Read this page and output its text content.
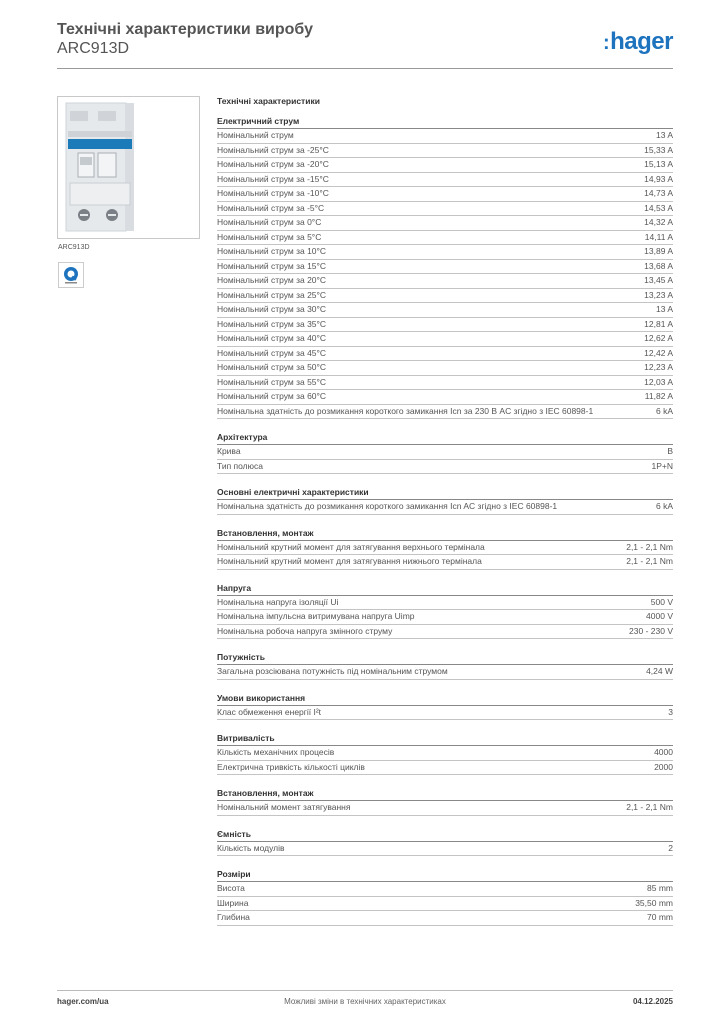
Технічні характеристики виробу

ARC913D	:hager
ARC913D
Технічні характеристики
Електричний струм
Номінальний струм	13 A
Номінальний струм за -25°C	15,33 A
Номінальний струм за -20°C	15,13 A
Номінальний струм за -15°C	14,93 A
Номінальний струм за -10°C	14,73 A
Номінальний струм за -5°C	14,53 A
Номінальний струм за 0°C	14,32 A
Номінальний струм за 5°C	14,11 A
Номінальний струм за 10°C	13,89 A
Номінальний струм за 15°C	13,68 A
Номінальний струм за 20°C	13,45 A
Номінальний струм за 25°C	13,23 A
Номінальний струм за 30°C	13 A
Номінальний струм за 35°C	12,81 A
Номінальний струм за 40°C	12,62 A
Номінальний струм за 45°C	12,42 A
Номінальний струм за 50°C	12,23 A
Номінальний струм за 55°C	12,03 A
Номінальний струм за 60°C	11,82 A
Номінальна здатність до розмикання короткого замикання Icn за 230 В AC згідно з IEC 60898-1	6 kA
Архітектура
Крива	B
Тип полюса	1P+N
Основні електричні характеристики
Номінальна здатність до розмикання короткого замикання Icn AC згідно з IEC 60898-1	6 kA
Встановлення, монтаж
Номінальний крутний момент для затягування верхнього термінала	2,1 - 2,1 Nm
Номінальний крутний момент для затягування нижнього термінала	2,1 - 2,1 Nm
Напруга
Номінальна напруга ізоляції Ui	500 V
Номінальна імпульсна витримувана напруга Uimp	4000 V
Номінальна робоча напруга змінного струму	230 - 230 V
Потужність
Загальна розсіювана потужність під номінальним струмом	4,24 W
Умови використання
Клас обмеження енергії I²t	3
Витривалість
Кількість механічних процесів	4000
Електрична тривкість кількості циклів	2000
Встановлення, монтаж
Номінальний момент затягування	2,1 - 2,1 Nm
Ємність
Кількість модулів	2
Розміри
Висота	85 mm
Ширина	35,50 mm
Глибина	70 mm
hager.com/ua	Можливі зміни в технічних характеристиках	04.12.2025
